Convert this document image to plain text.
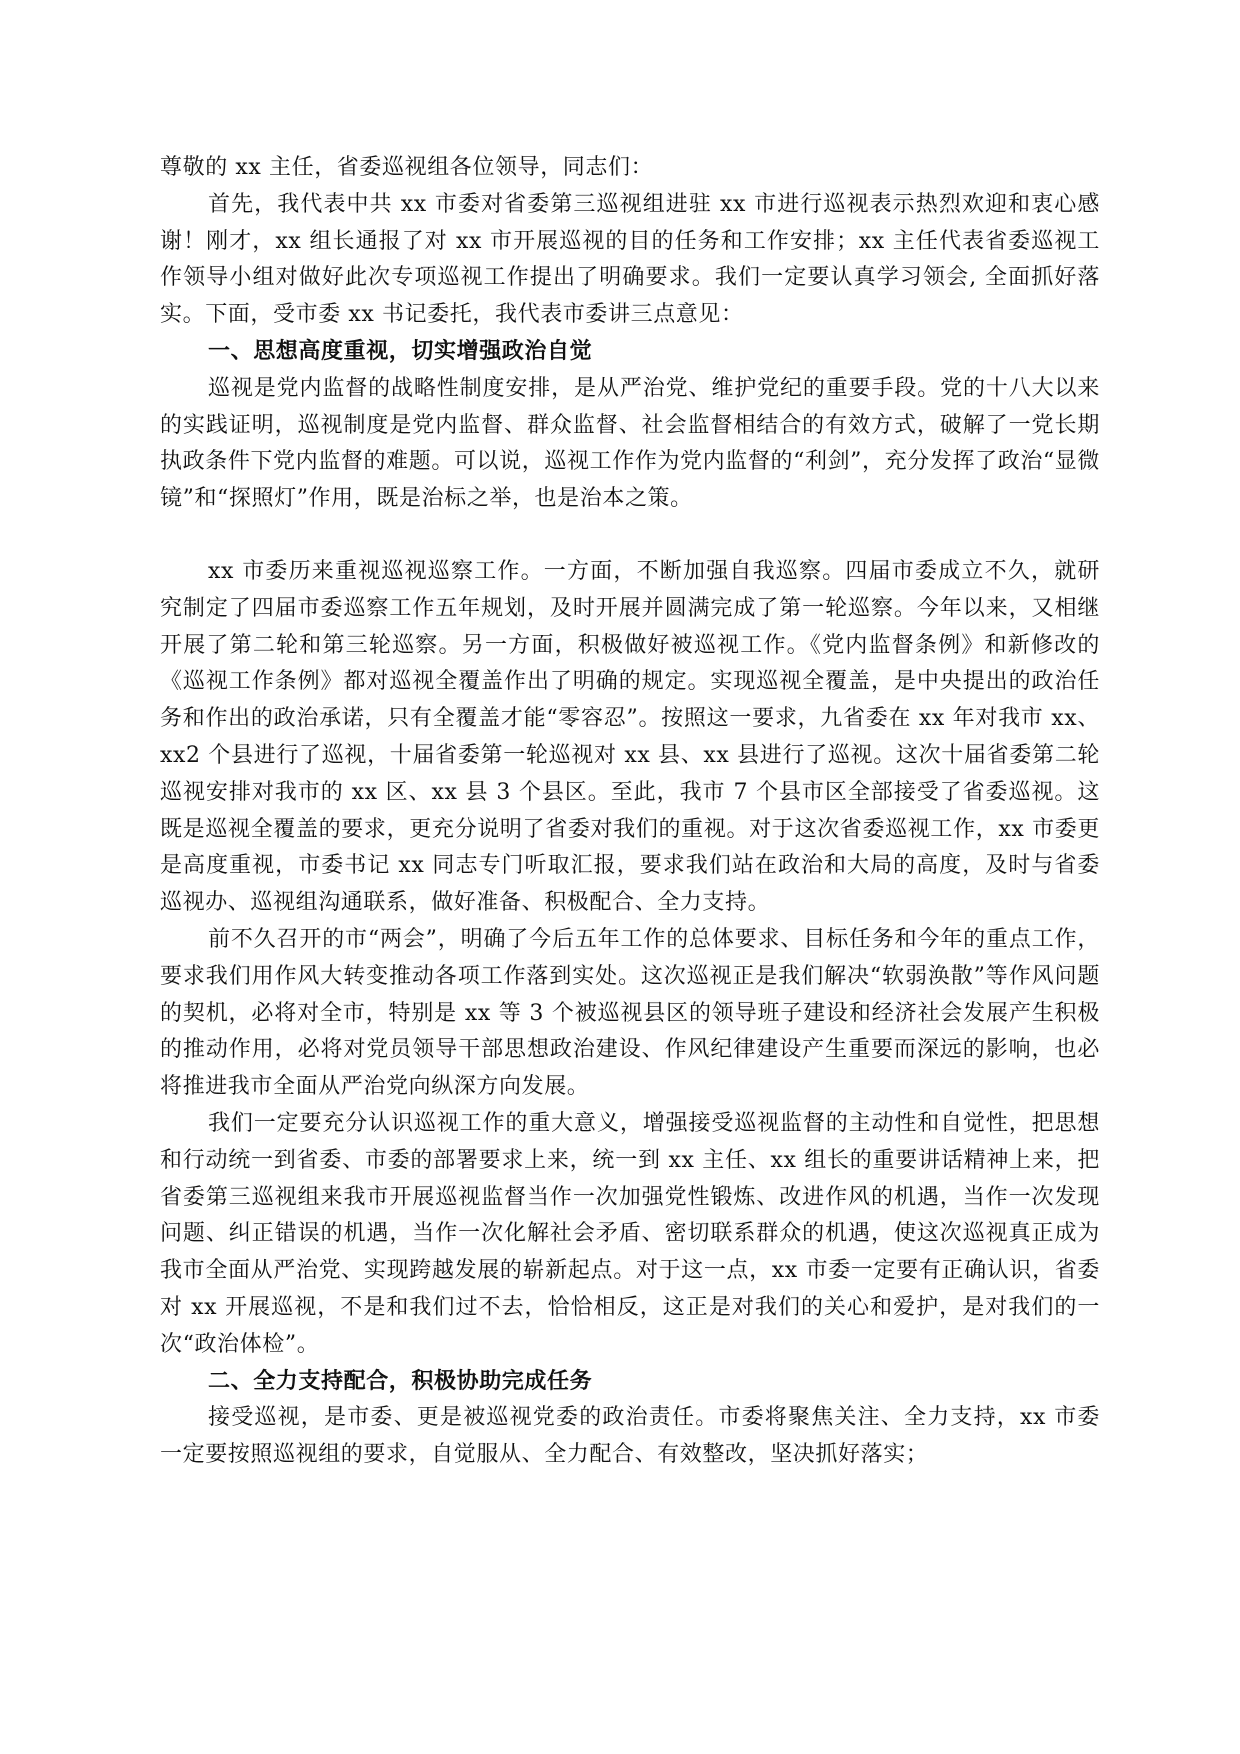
尊敬的 xx 主任，省委巡视组各位领导，同志们：

首先，我代表中共 xx 市委对省委第三巡视组进驻 xx 市进行巡视表示热烈欢迎和衷心感谢！刚才，xx 组长通报了对 xx 市开展巡视的目的任务和工作安排；xx 主任代表省委巡视工作领导小组对做好此次专项巡视工作提出了明确要求。我们一定要认真学习领会, 全面抓好落实。下面，受市委 xx 书记委托，我代表市委讲三点意见：

一、思想高度重视，切实增强政治自觉

巡视是党内监督的战略性制度安排，是从严治党、维护党纪的重要手段。党的十八大以来的实践证明，巡视制度是党内监督、群众监督、社会监督相结合的有效方式，破解了一党长期执政条件下党内监督的难题。可以说，巡视工作作为党内监督的“利剑”，充分发挥了政治“显微镜”和“探照灯”作用，既是治标之举，也是治本之策。

xx 市委历来重视巡视巡察工作。一方面，不断加强自我巡察。四届市委成立不久，就研究制定了四届市委巡察工作五年规划，及时开展并圆满完成了第一轮巡察。今年以来，又相继开展了第二轮和第三轮巡察。另一方面，积极做好被巡视工作。《党内监督条例》和新修改的《巡视工作条例》都对巡视全覆盖作出了明确的规定。实现巡视全覆盖，是中央提出的政治任务和作出的政治承诺，只有全覆盖才能“零容忍”。按照这一要求，九省委在 xx 年对我市 xx、xx2 个县进行了巡视，十届省委第一轮巡视对 xx 县、xx 县进行了巡视。这次十届省委第二轮巡视安排对我市的 xx 区、xx 县 3 个县区。至此，我市 7 个县市区全部接受了省委巡视。这既是巡视全覆盖的要求，更充分说明了省委对我们的重视。对于这次省委巡视工作，xx 市委更是高度重视，市委书记 xx 同志专门听取汇报，要求我们站在政治和大局的高度，及时与省委巡视办、巡视组沟通联系，做好准备、积极配合、全力支持。

前不久召开的市“两会”，明确了今后五年工作的总体要求、目标任务和今年的重点工作，要求我们用作风大转变推动各项工作落到实处。这次巡视正是我们解决“软弱涣散”等作风问题的契机，必将对全市，特别是 xx 等 3 个被巡视县区的领导班子建设和经济社会发展产生积极的推动作用，必将对党员领导干部思想政治建设、作风纪律建设产生重要而深远的影响，也必将推进我市全面从严治党向纵深方向发展。

我们一定要充分认识巡视工作的重大意义，增强接受巡视监督的主动性和自觉性，把思想和行动统一到省委、市委的部署要求上来，统一到 xx 主任、xx 组长的重要讲话精神上来，把省委第三巡视组来我市开展巡视监督当作一次加强党性锻炼、改进作风的机遇，当作一次发现问题、纠正错误的机遇，当作一次化解社会矛盾、密切联系群众的机遇，使这次巡视真正成为我市全面从严治党、实现跨越发展的崭新起点。对于这一点，xx 市委一定要有正确认识，省委对 xx 开展巡视，不是和我们过不去，恰恰相反，这正是对我们的关心和爱护，是对我们的一次“政治体检”。

二、全力支持配合，积极协助完成任务

接受巡视，是市委、更是被巡视党委的政治责任。市委将聚焦关注、全力支持，xx 市委一定要按照巡视组的要求，自觉服从、全力配合、有效整改，坚决抓好落实；
